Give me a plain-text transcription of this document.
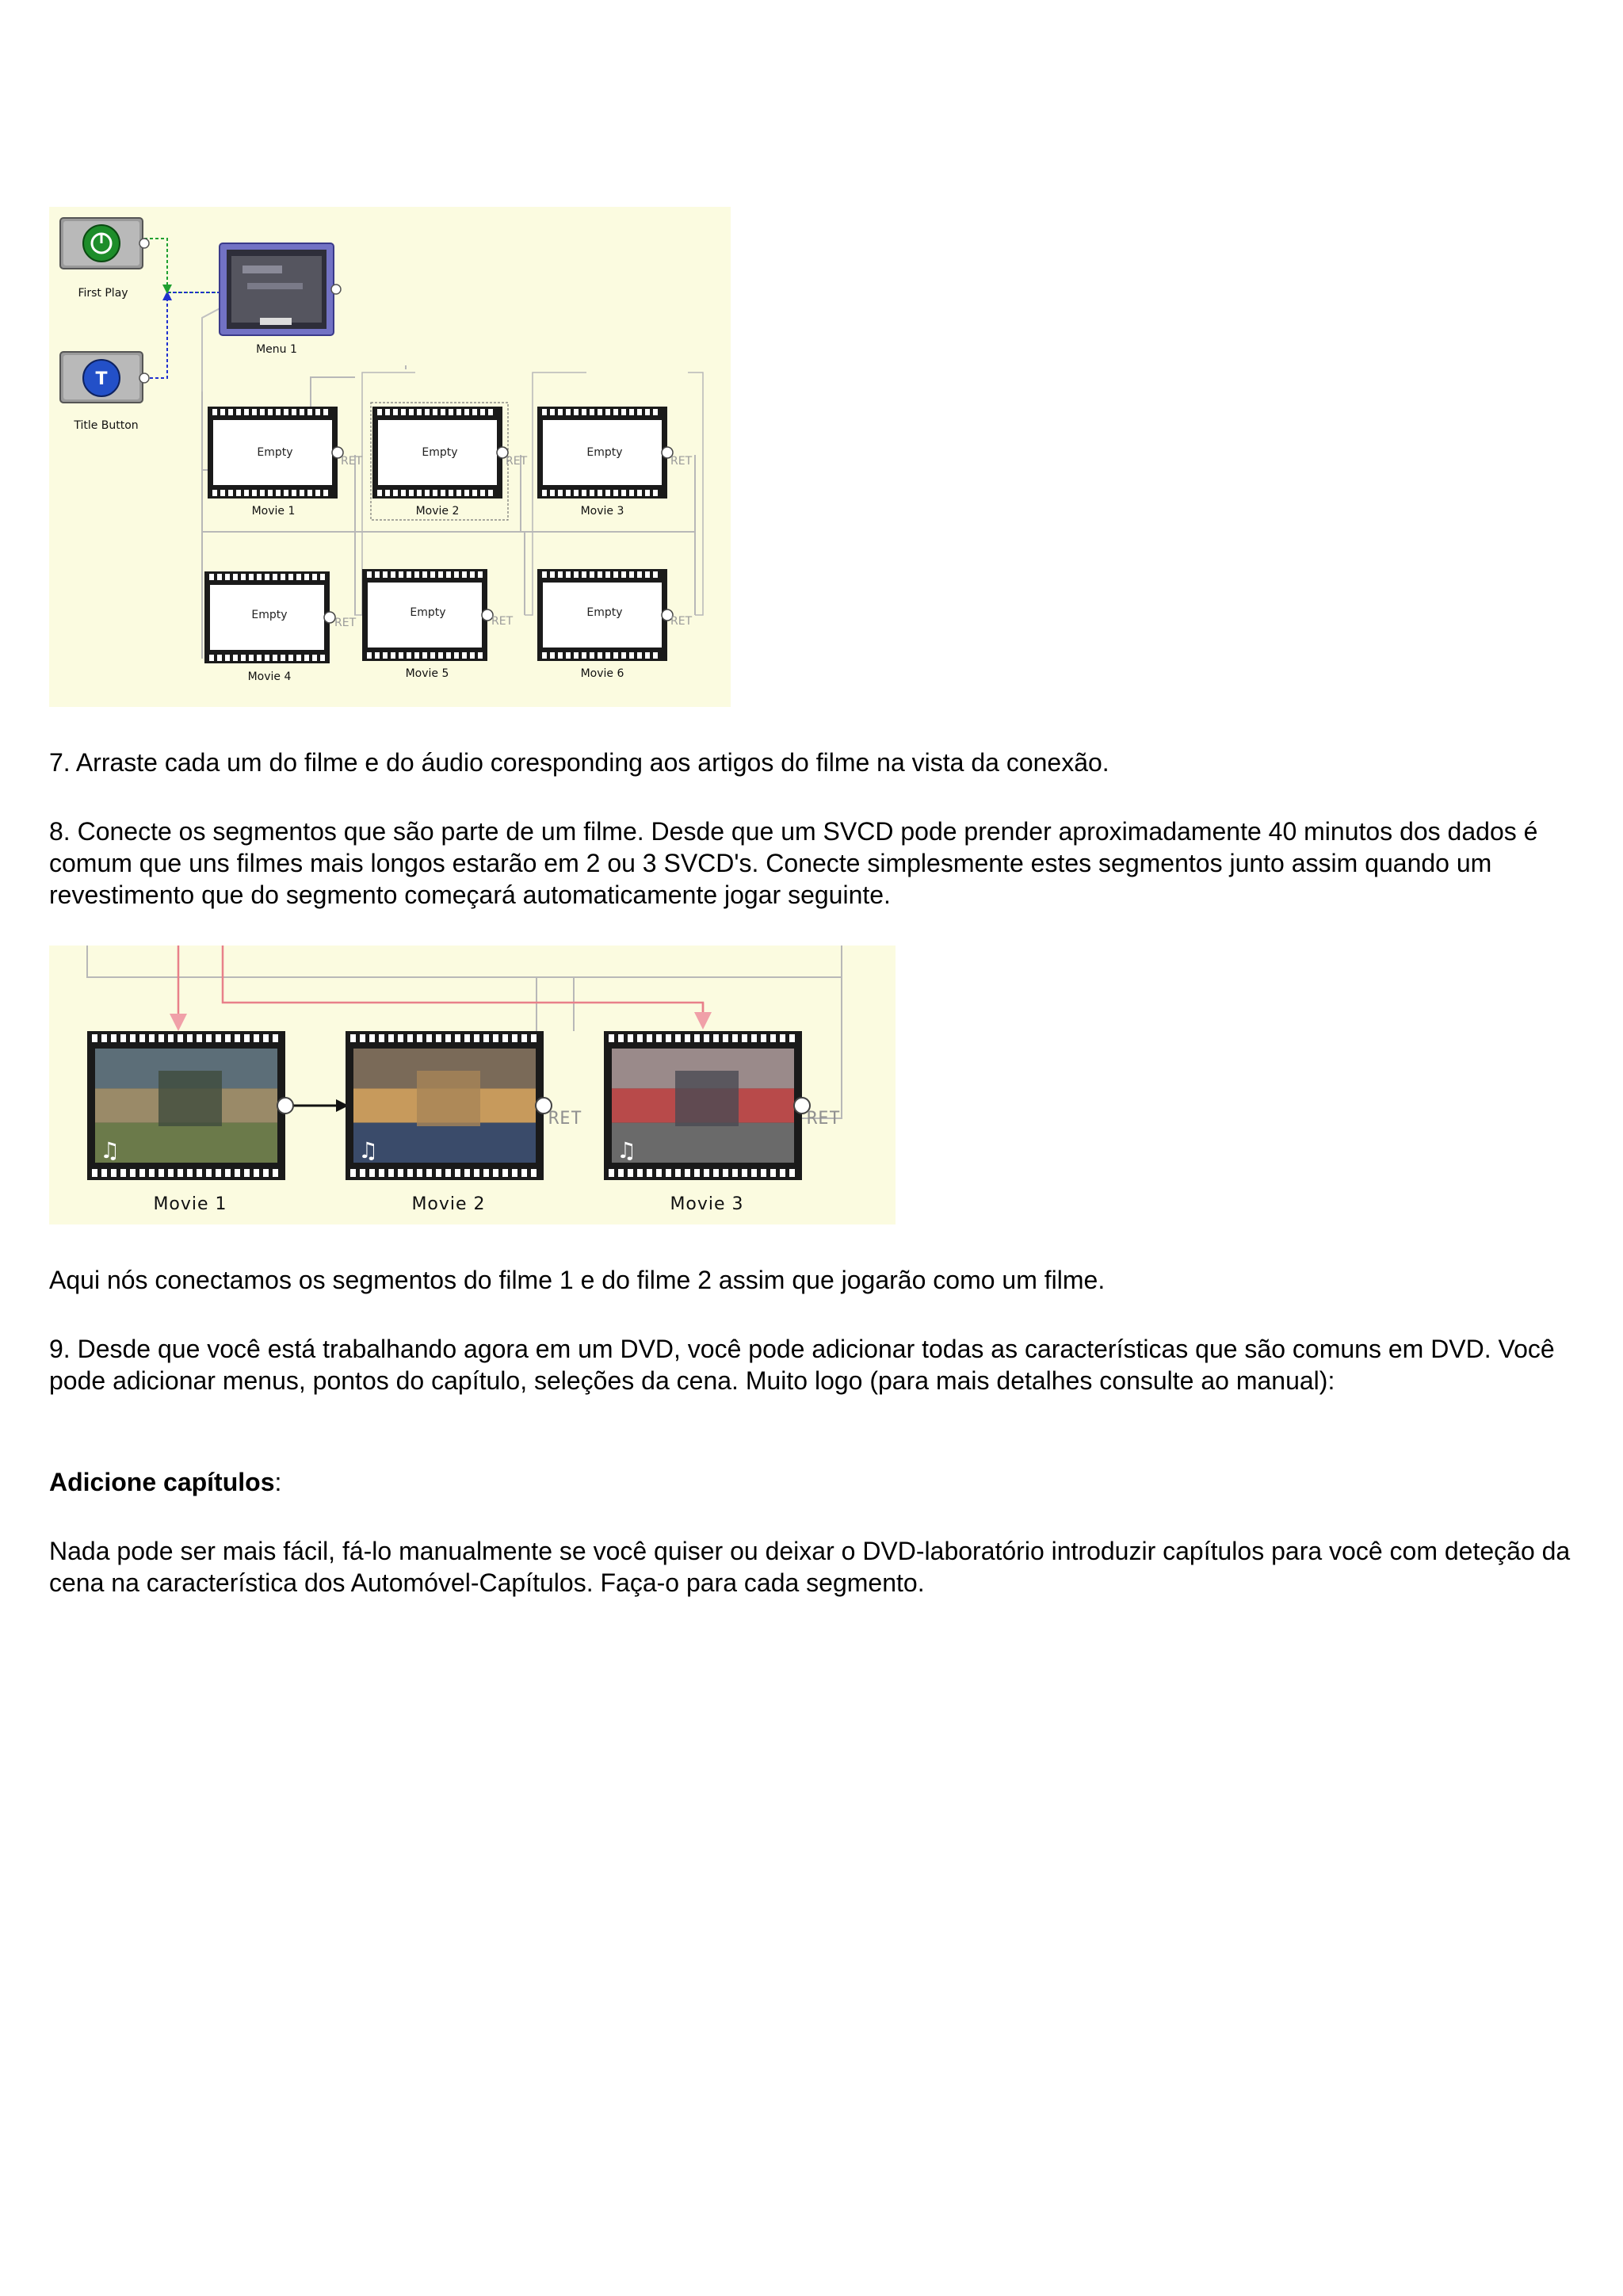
T
First Play
Title Button
Menu 1
Movie 1	Movie 2	Movie 3
Movie 4	Movie 5	Movie 6
Empty	Empty	Empty
Empty	Empty	Empty
RET	RET	RET
RET	RET	RET

7. Arraste cada um do filme e do áudio coresponding aos artigos do filme na vista da conexão.

8. Conecte os segmentos que são parte de um filme. Desde que um SVCD pode prender aproximadamente 40 minutos dos dados é comum que uns filmes mais longos estarão em 2 ou 3 SVCD's. Conecte simplesmente estes segmentos junto assim quando um revestimento que do segmento começará automaticamente jogar seguinte.

♫	♫	♫
Movie 1	Movie 2	Movie 3
RET	RET

Aqui nós conectamos os segmentos do filme 1 e do filme 2 assim que jogarão como um filme.

9. Desde que você está trabalhando agora em um DVD, você pode adicionar todas as características que são comuns em DVD. Você pode adicionar menus, pontos do capítulo, seleções da cena. Muito logo (para mais detalhes consulte ao manual):

Adicione capítulos:

Nada pode ser mais fácil, fá-lo manualmente se você quiser ou deixar o DVD-laboratório introduzir capítulos para você com deteção da cena na característica dos Automóvel-Capítulos. Faça-o para cada segmento.
